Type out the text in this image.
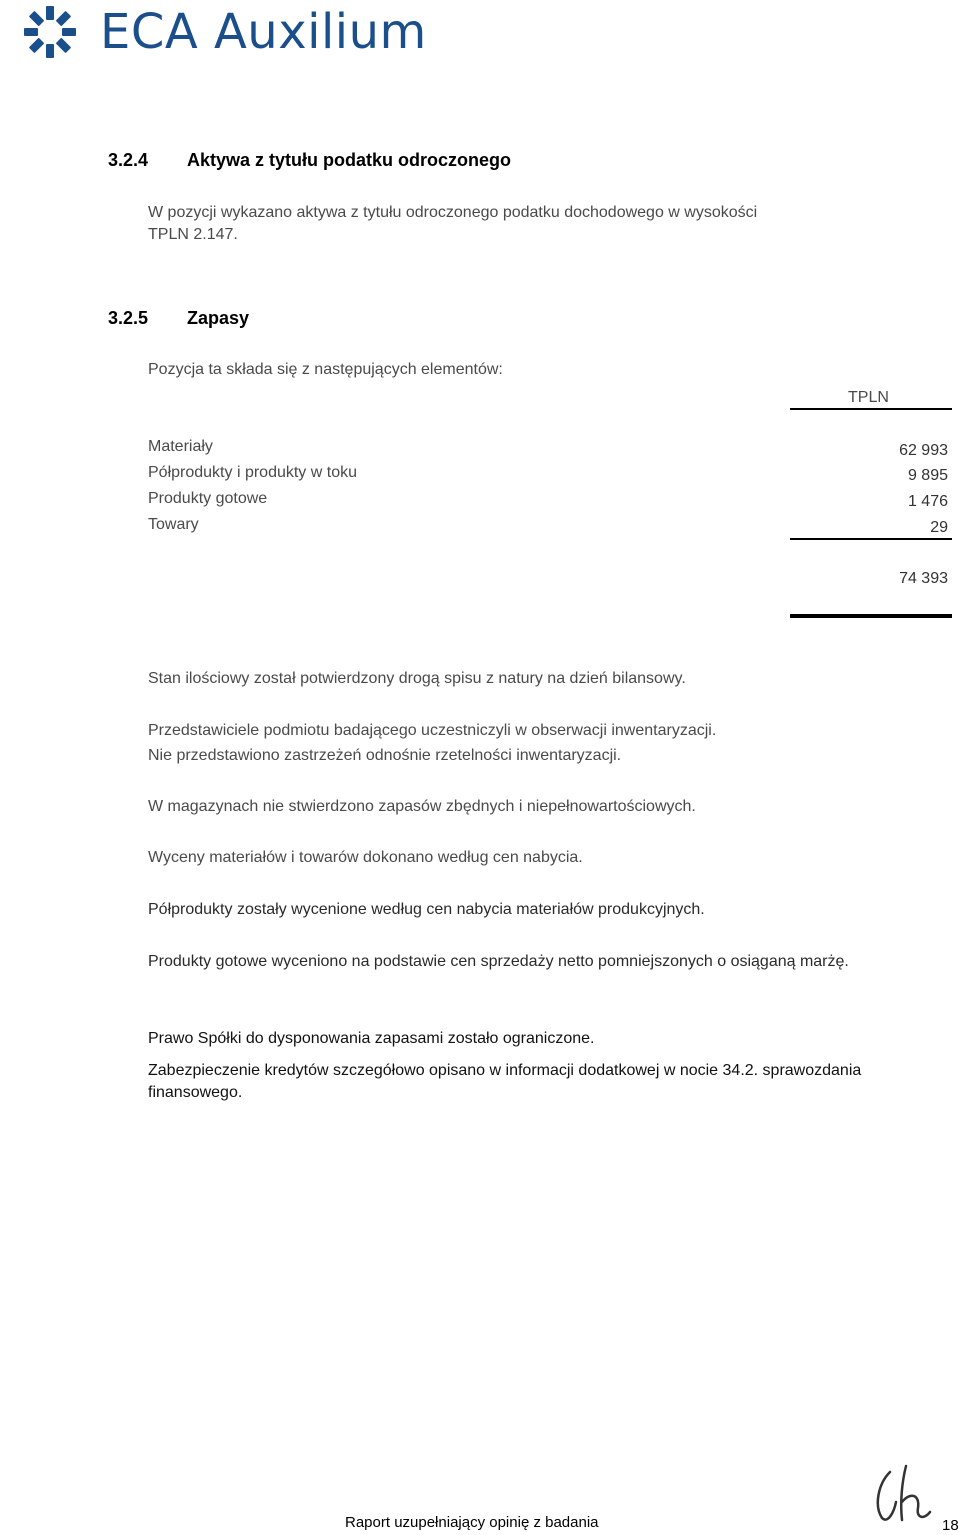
ECA Auxilium
3.2.4 Aktywa z tytułu podatku odroczonego
W pozycji wykazano aktywa z tytułu odroczonego podatku dochodowego w wysokości
TPLN 2.147.
3.2.5 Zapasy
Pozycja ta składa się z następujących elementów:
TPLN
Materiały	62 993
Półprodukty i produkty w toku	9 895
Produkty gotowe	1 476
Towary	29
74 393
Stan ilościowy został potwierdzony drogą spisu z natury na dzień bilansowy.
Przedstawiciele podmiotu badającego uczestniczyli w obserwacji inwentaryzacji.
Nie przedstawiono zastrzeżeń odnośnie rzetelności inwentaryzacji.
W magazynach nie stwierdzono zapasów zbędnych i niepełnowartościowych.
Wyceny materiałów i towarów dokonano według cen nabycia.
Półprodukty zostały wycenione według cen nabycia materiałów produkcyjnych.
Produkty gotowe wyceniono na podstawie cen sprzedaży netto pomniejszonych o osiąganą marżę.
Prawo Spółki do dysponowania zapasami zostało ograniczone.
Zabezpieczenie kredytów szczegółowo opisano w informacji dodatkowej w nocie 34.2. sprawozdania
finansowego.
Raport uzupełniający opinię z badania	18
